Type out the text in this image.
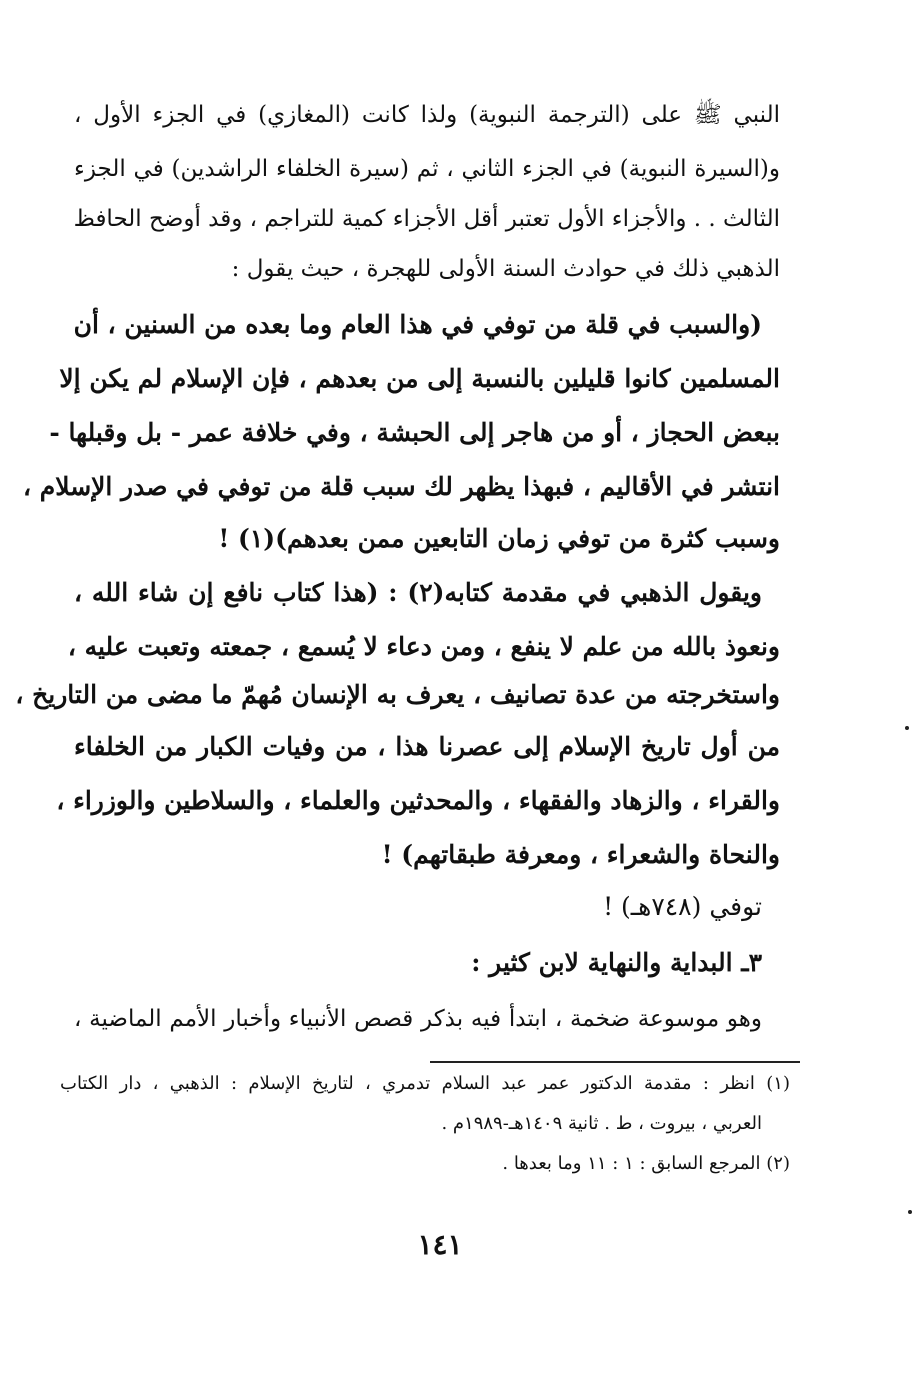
النبي ﷺ على (الترجمة النبوية) ولذا كانت (المغازي) في الجزء الأول ،
و(السيرة النبوية) في الجزء الثاني ، ثم (سيرة الخلفاء الراشدين) في الجزء
الثالث . . والأجزاء الأول تعتبر أقل الأجزاء كمية للتراجم ، وقد أوضح الحافظ
الذهبي ذلك في حوادث السنة الأولى للهجرة ، حيث يقول :
(والسبب في قلة من توفي في هذا العام وما بعده من السنين ، أن
المسلمين كانوا قليلين بالنسبة إلى من بعدهم ، فإن الإسلام لم يكن إلا
ببعض الحجاز ، أو من هاجر إلى الحبشة ، وفي خلافة عمر - بل وقبلها -
انتشر في الأقاليم ، فبهذا يظهر لك سبب قلة من توفي في صدر الإسلام ،
وسبب كثرة من توفي زمان التابعين ممن بعدهم)(١) !
ويقول الذهبي في مقدمة كتابه(٢) : (هذا كتاب نافع إن شاء الله ،
ونعوذ بالله من علم لا ينفع ، ومن دعاء لا يُسمع ، جمعته وتعبت عليه ،
واستخرجته من عدة تصانيف ، يعرف به الإنسان مُهمّ ما مضى من التاريخ ،
من أول تاريخ الإسلام إلى عصرنا هذا ، من وفيات الكبار من الخلفاء
والقراء ، والزهاد والفقهاء ، والمحدثين والعلماء ، والسلاطين والوزراء ،
والنحاة والشعراء ، ومعرفة طبقاتهم) !
توفي (٧٤٨هـ) !
٣ـ البداية والنهاية لابن كثير :
وهو موسوعة ضخمة ، ابتدأ فيه بذكر قصص الأنبياء وأخبار الأمم الماضية ،
(١) انظر : مقدمة الدكتور عمر عبد السلام تدمري ، لتاريخ الإسلام : الذهبي ، دار الكتاب
العربي ، بيروت ، ط . ثانية ١٤٠٩هـ-١٩٨٩م .
(٢) المرجع السابق : ١ : ١١ وما بعدها .
١٤١
